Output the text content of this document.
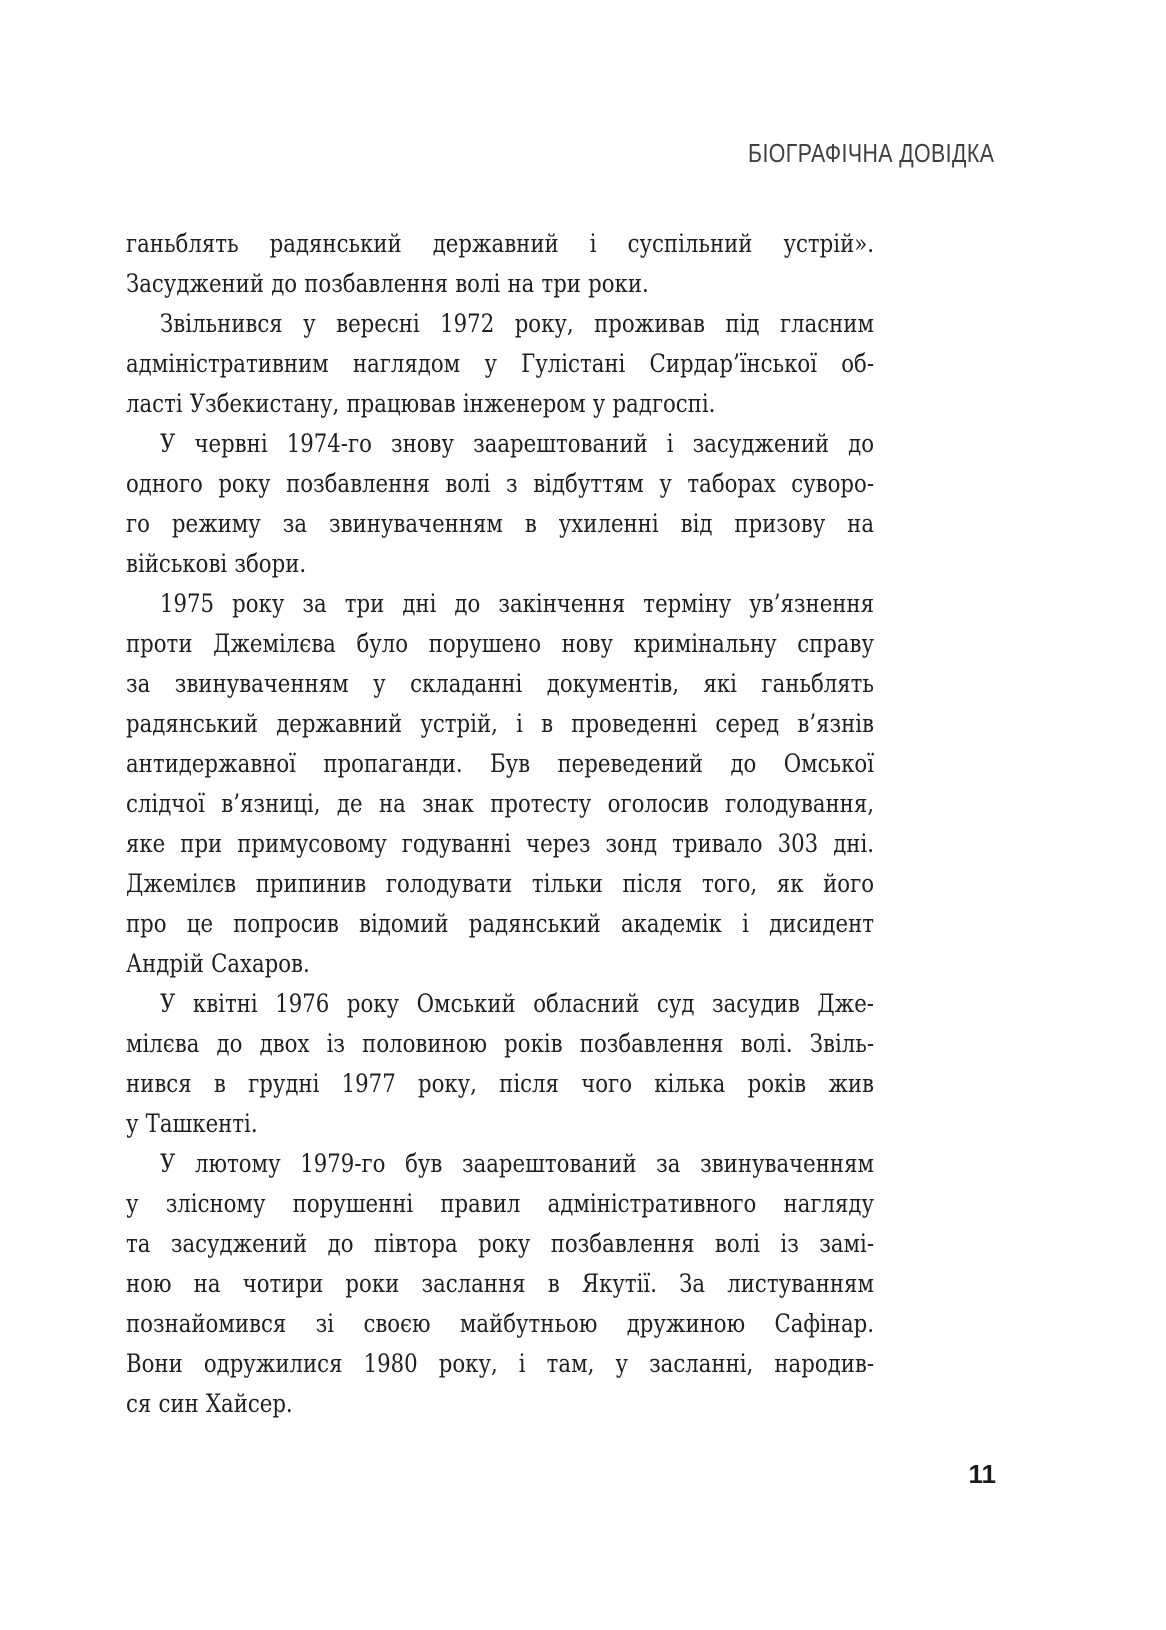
БІОГРАФІЧНА ДОВІДКА
ганьблять радянський державний і суспільний устрій».
Засуджений до позбавлення волі на три роки.
Звільнився у вересні 1972 року, проживав під гласним
адміністративним наглядом у Гулістані Сирдар’їнської об-
ласті Узбекистану, працював інженером у радгоспі.
У червні 1974-го знову заарештований і засуджений до
одного року позбавлення волі з відбуттям у таборах суворо-
го режиму за звинуваченням в ухиленні від призову на
військові збори.
1975 року за три дні до закінчення терміну ув’язнення
проти Джемілєва було порушено нову кримінальну справу
за звинуваченням у складанні документів, які ганьблять
радянський державний устрій, і в проведенні серед в’язнів
антидержавної пропаганди. Був переведений до Омської
слідчої в’язниці, де на знак протесту оголосив голодування,
яке при примусовому годуванні через зонд тривало 303 дні.
Джемілєв припинив голодувати тільки після того, як його
про це попросив відомий радянський академік і дисидент
Андрій Сахаров.
У квітні 1976 року Омський обласний суд засудив Дже-
мілєва до двох із половиною років позбавлення волі. Звіль-
нився в грудні 1977 року, після чого кілька років жив
у Ташкенті.
У лютому 1979-го був заарештований за звинуваченням
у злісному порушенні правил адміністративного нагляду
та засуджений до півтора року позбавлення волі із замі-
ною на чотири роки заслання в Якутії. За листуванням
познайомився зі своєю майбутньою дружиною Сафінар.
Вони одружилися 1980 року, і там, у засланні, народив-
ся син Хайсер.
11
